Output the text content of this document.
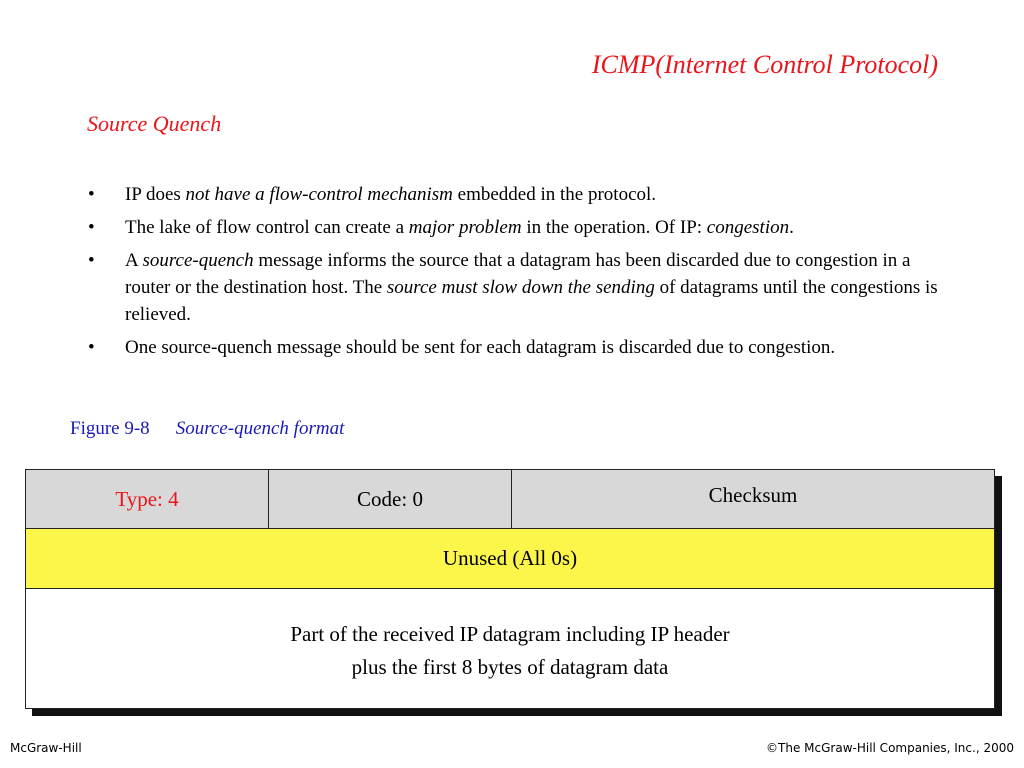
ICMP(Internet Control Protocol)
Source Quench
• IP does not have a flow-control mechanism embedded in the protocol.
• The lake of flow control can create a major problem in the operation. Of IP: congestion.
• A source-quench message informs the source that a datagram has been discarded due to congestion in a router or the destination host. The source must slow down the sending of datagrams until the congestions is relieved.
• One source-quench message should be sent for each datagram is discarded due to congestion.
Figure 9-8 Source-quench format
Type: 4	Code: 0	Checksum
Unused (All 0s)
Part of the received IP datagram including IP header
plus the first 8 bytes of datagram data
McGraw-Hill	©The McGraw-Hill Companies, Inc., 2000
